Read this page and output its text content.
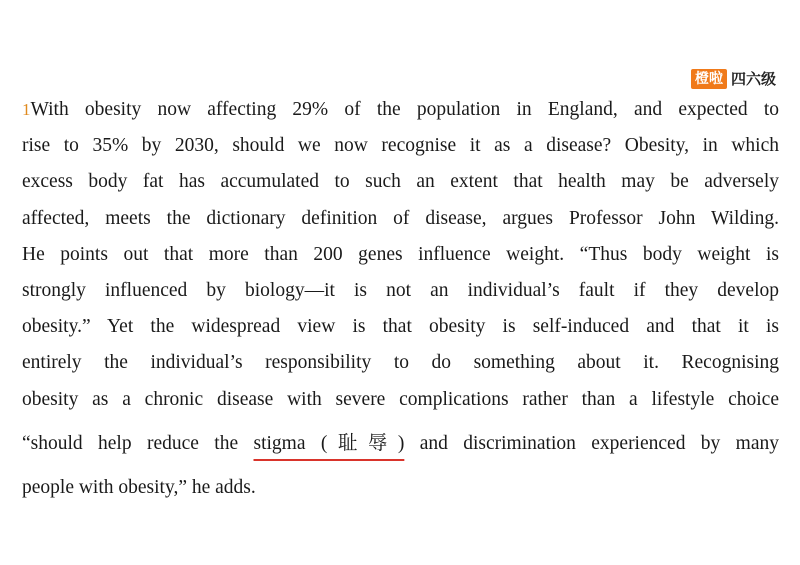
橙啦 四六级
1With obesity now affecting 29% of the population in England, and expected to
rise to 35% by 2030, should we now recognise it as a disease? Obesity, in which
excess body fat has accumulated to such an extent that health may be adversely
affected, meets the dictionary definition of disease, argues Professor John Wilding.
He points out that more than 200 genes influence weight. “Thus body weight is
strongly influenced by biology—it is not an individual’s fault if they develop
obesity.” Yet the widespread view is that obesity is self-induced and that it is
entirely the individual’s responsibility to do something about it. Recognising
obesity as a chronic disease with severe complications rather than a lifestyle choice
“should help reduce the stigma (耻辱) and discrimination experienced by many
people with obesity,” he adds.
